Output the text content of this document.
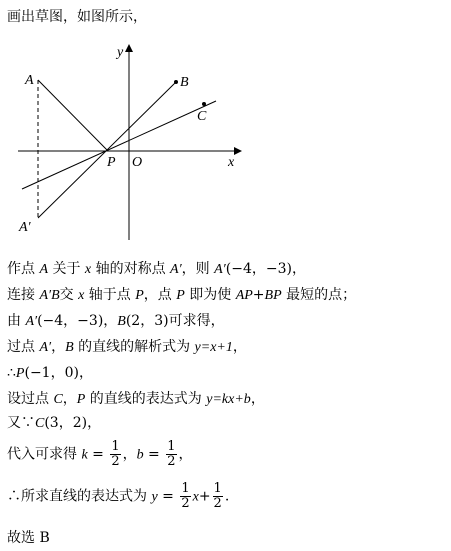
画出草图，如图所示，
y
x
O
A
A′
B
C
P
作点 A 关于 x 轴的对称点 A′，则 A′(−4，−3)，
连接 A′B交 x 轴于点 P，点 P 即为使 AP+BP 最短的点；
由 A′(−4，−3)，B(2，3)可求得，
过点 A′，B 的直线的解析式为 y=x+1，
∴P(−1，0)，
设过点 C，P 的直线的表达式为 y=kx+b，
又∵C(3，2)，
代入可求得 $k = \frac{1}{2}$ ，$b = \frac{1}{2}$ ，
∴所求直线的表达式为 $y = \frac{1}{2} x+ \frac{1}{2}$ .
故选 B
